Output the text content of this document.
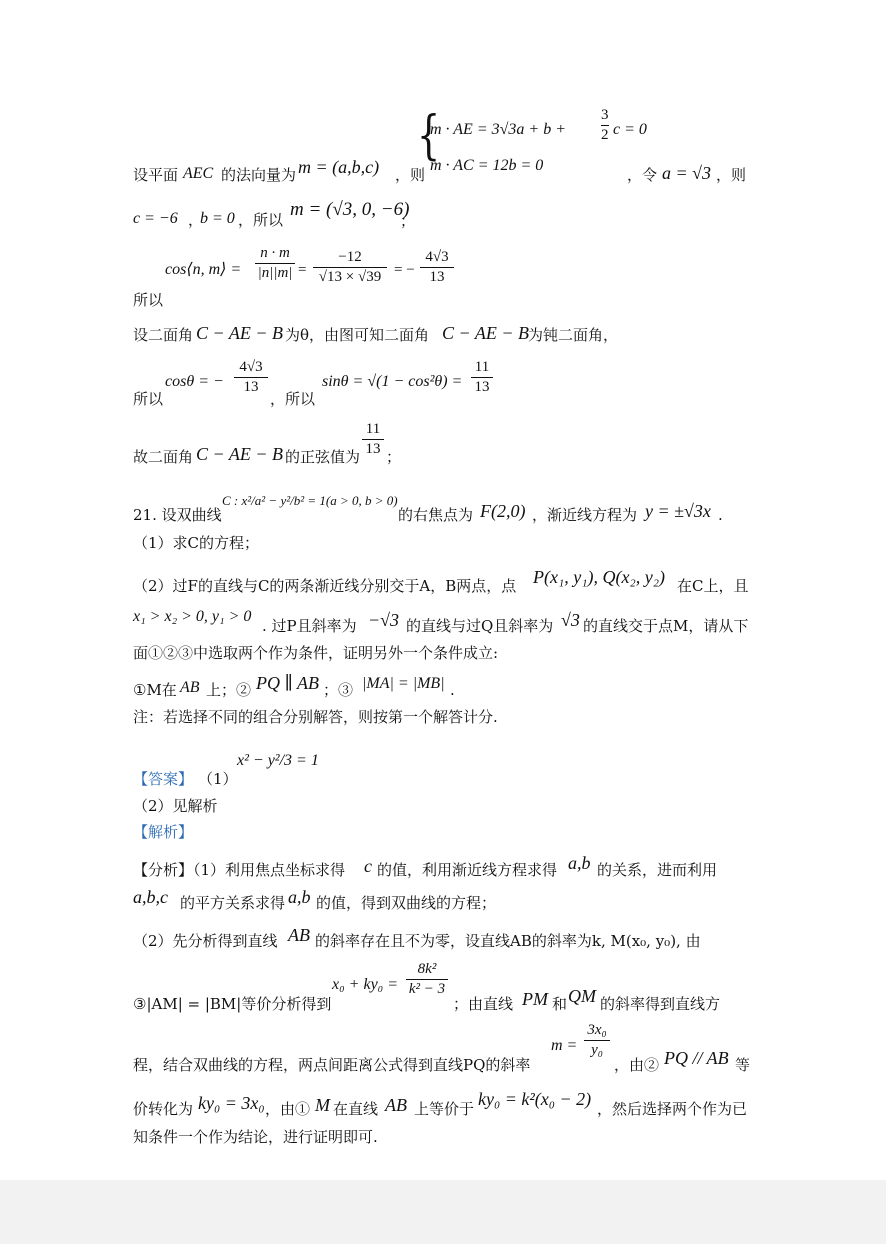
设平面 AEC 的法向量为 m = (a,b,c) ，则
{
m · AE = 3√3a + b +
3
2 c = 0
m · AC = 12b = 0
，令 a = √3 ，则
c = −6 ，
b = 0 ，所以 m = (√3, 0, −6)
；
cos⟨n, m⟩ =
n · m
|n||m| =
−12
√13 × √39 = −
4√3
13
所以
设二面角 C − AE − B 为θ，由图可知二面角 C − AE − B 为钝二面角，
cosθ = −
4√3
13
所以	，所以
sinθ = √(1 − cos²θ) =
11
13
故二面角 C − AE − B 的正弦值为
11
13 ；
21. 设双曲线
C : x²/a² − y²/b² = 1(a > 0, b > 0)
的右焦点为 F(2,0) ，渐近线方程为 y = ±√3x .
（1）求C的方程；
（2）过F的直线与C的两条渐近线分别交于A，B两点，点 P(x₁, y₁), Q(x₂, y₂) 在C上，且
x₁ > x₂ > 0, y₁ > 0
. 过P且斜率为 −√3 的直线与过Q且斜率为 √3 的直线交于点M，请从下
面①②③中选取两个作为条件，证明另外一个条件成立:
①M在 AB 上；② PQ ∥ AB ；③ |MA| = |MB| .
注：若选择不同的组合分别解答，则按第一个解答计分.
【答案】 （1）
x² − y²/3 = 1
（2）见解析
【解析】
【分析】（1）利用焦点坐标求得 c 的值，利用渐近线方程求得 a,b 的关系，进而利用
a,b,c 的平方关系求得 a,b 的值，得到双曲线的方程；
（2）先分析得到直线 AB 的斜率存在且不为零，设直线AB的斜率为k, M(x₀, y₀), 由
③|AM| = |BM|等价分析得到
x₀ + ky₀ =
8k²
k² − 3
；由直线 PM 和 QM 的斜率得到直线方
m =
3x₀
y₀
程，结合双曲线的方程，两点间距离公式得到直线PQ的斜率	，由② PQ // AB 等
价转化为 ky₀ = 3x₀ ，由① M 在直线 AB 上等价于 ky₀ = k²(x₀ − 2) ，然后选择两个作为已
知条件一个作为结论，进行证明即可.
